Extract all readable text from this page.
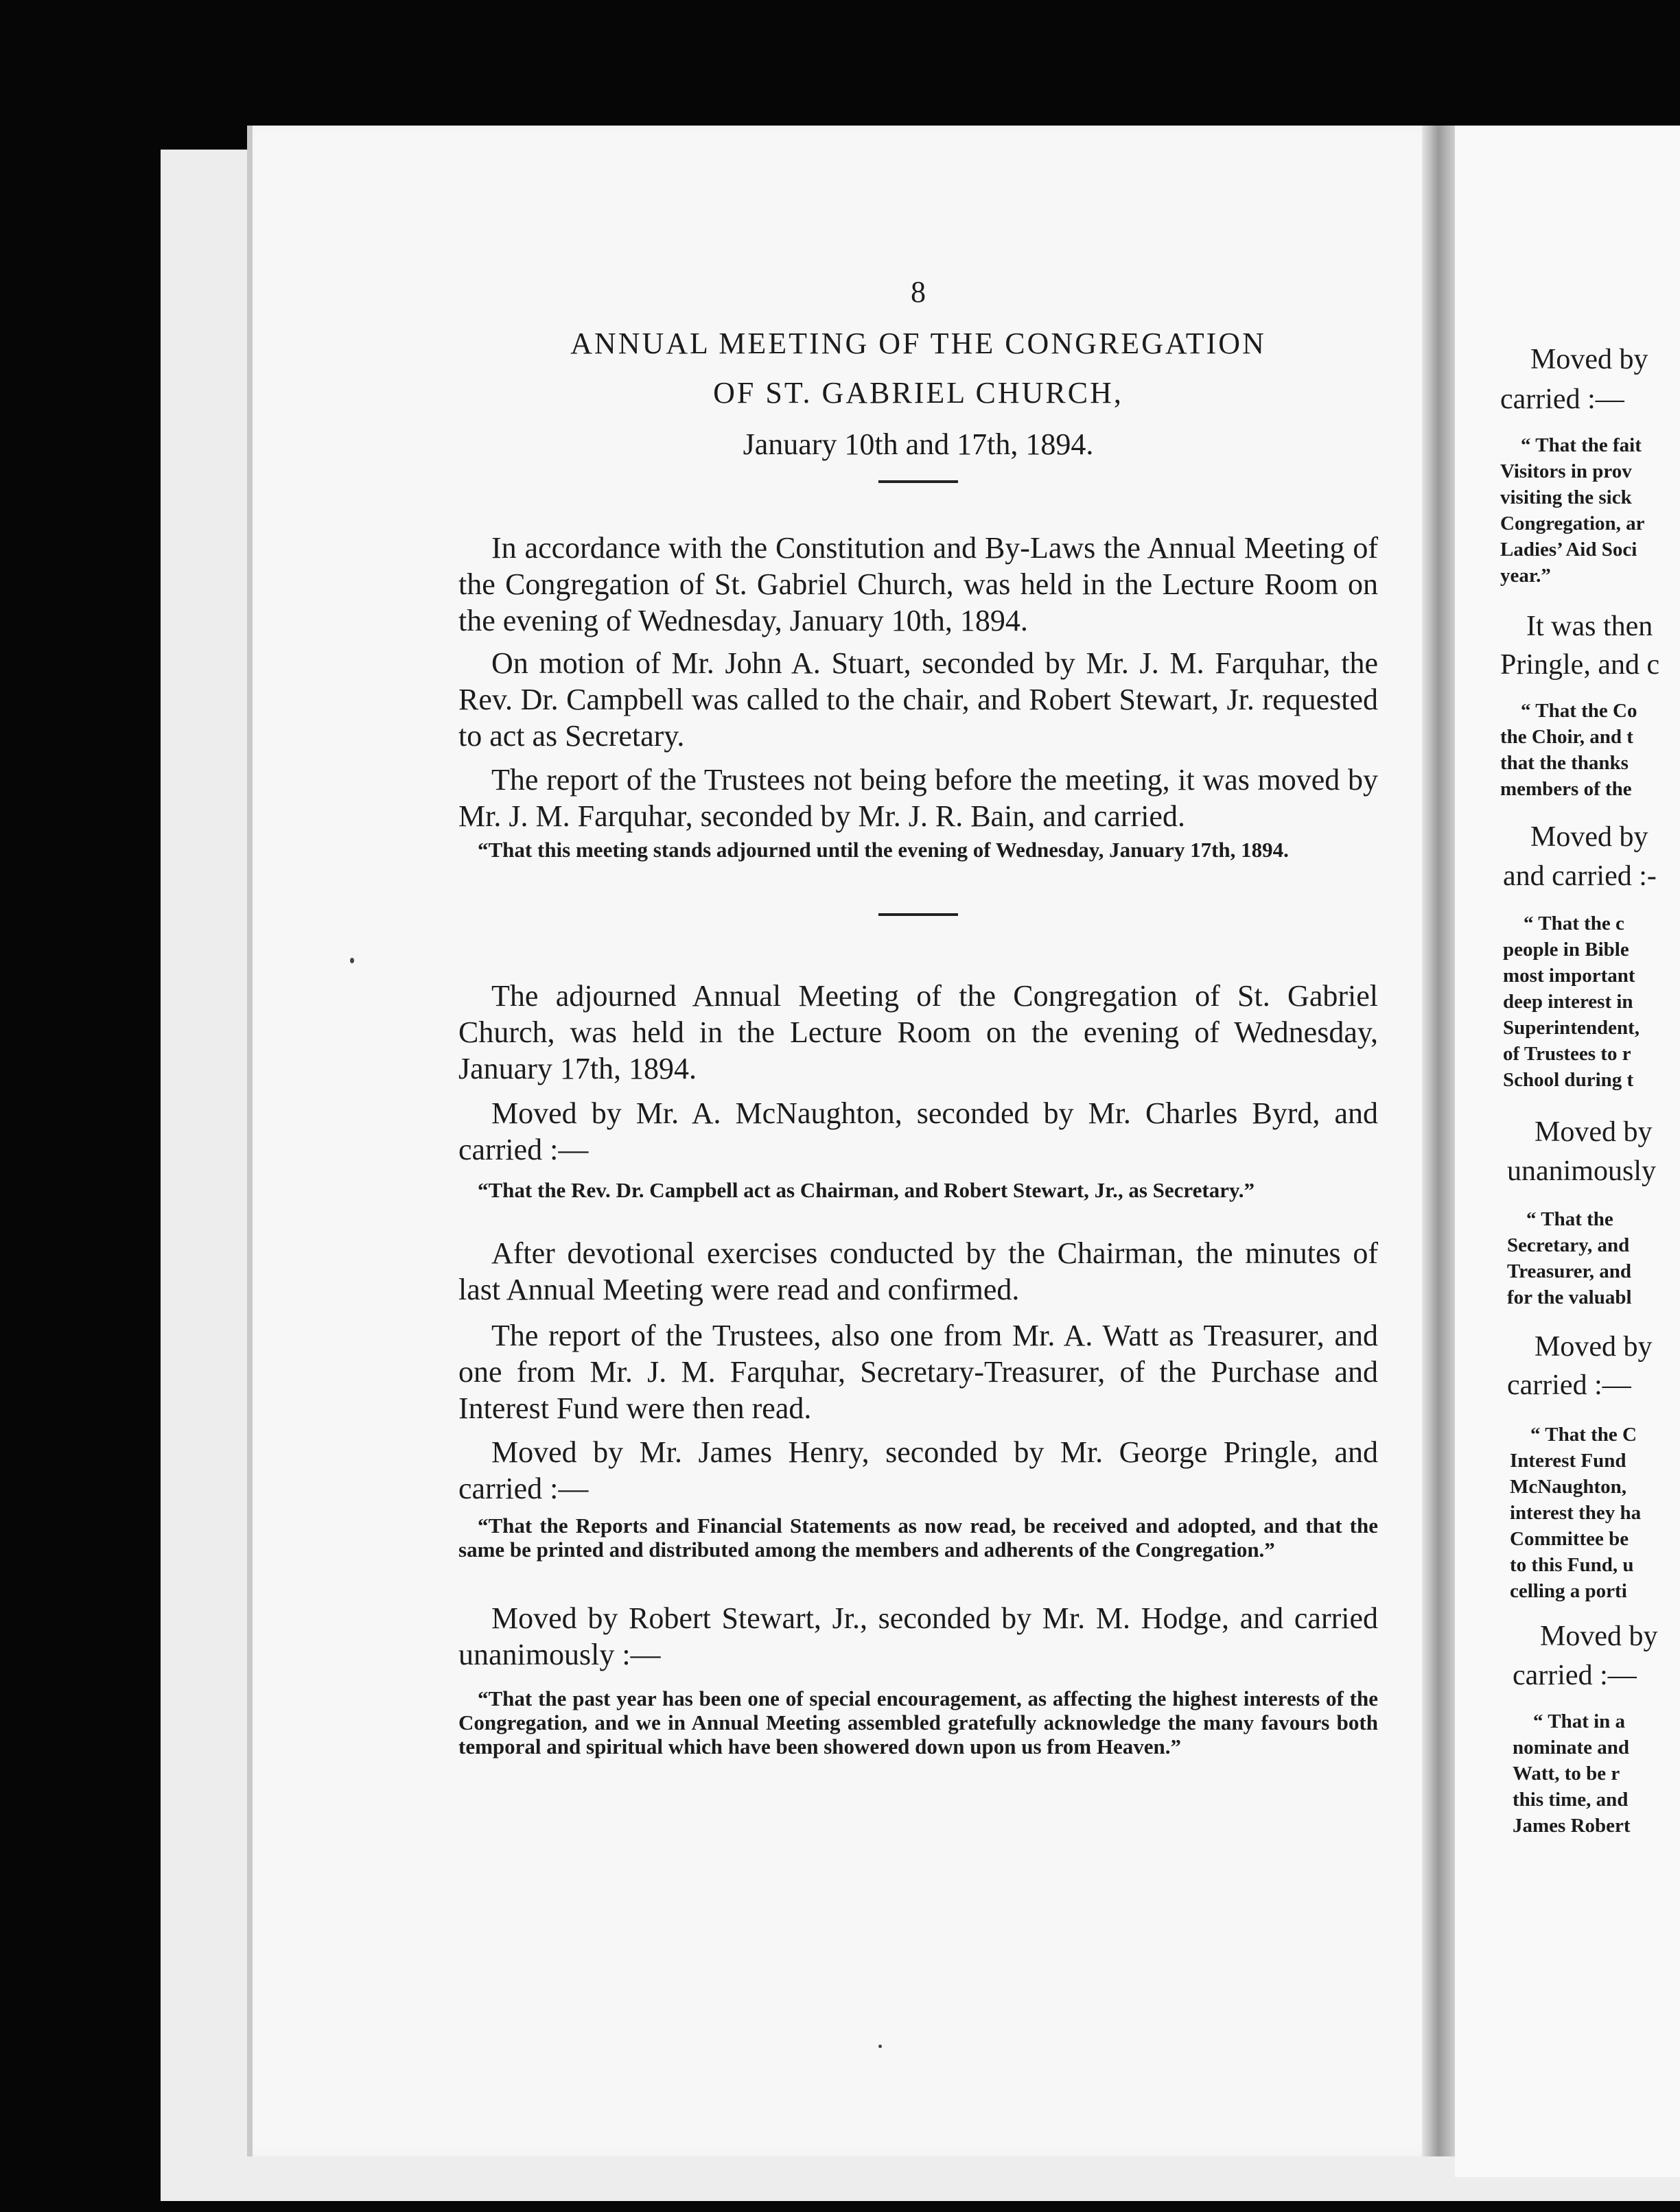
8
ANNUAL MEETING OF THE CONGREGATION
OF ST. GABRIEL CHURCH,
January 10th and 17th, 1894.
In accordance with the Constitution and By-Laws the Annual Meeting of the Congregation of St. Gabriel Church, was held in the Lecture Room on the evening of Wednesday, January 10th, 1894.
On motion of Mr. John A. Stuart, seconded by Mr. J. M. Farquhar, the Rev. Dr. Campbell was called to the chair, and Robert Stewart, Jr. requested to act as Secretary.
The report of the Trustees not being before the meeting, it was moved by Mr. J. M. Farquhar, seconded by Mr. J. R. Bain, and carried.
“That this meeting stands adjourned until the evening of Wednesday, January 17th, 1894.
The adjourned Annual Meeting of the Congregation of St. Gabriel Church, was held in the Lecture Room on the evening of Wednesday, January 17th, 1894.
Moved by Mr. A. McNaughton, seconded by Mr. Charles Byrd, and carried :—
“That the Rev. Dr. Campbell act as Chairman, and Robert Stewart, Jr., as Secretary.”
After devotional exercises conducted by the Chairman, the minutes of last Annual Meeting were read and confirmed.
The report of the Trustees, also one from Mr. A. Watt as Treasurer, and one from Mr. J. M. Farquhar, Secretary-Treasurer, of the Purchase and Interest Fund were then read.
Moved by Mr. James Henry, seconded by Mr. George Pringle, and carried :—
“That the Reports and Financial Statements as now read, be received and adopted, and that the same be printed and distributed among the members and adherents of the Congregation.”
Moved by Robert Stewart, Jr., seconded by Mr. M. Hodge, and carried unanimously :—
“That the past year has been one of special encouragement, as affecting the highest interests of the Congregation, and we in Annual Meeting assembled gratefully acknowledge the many favours both temporal and spiritual which have been showered down upon us from Heaven.”
Moved by
carried :—
“ That the fait
Visitors in prov
visiting the sick
Congregation, ar
Ladies’ Aid Soci
year.”
It was then
Pringle, and c
“ That the Co
the Choir, and t
that the thanks
members of the
Moved by
and carried :-
“ That the c
people in Bible
most important
deep interest in
Superintendent,
of Trustees to r
School during t
Moved by
unanimously
“ That the
Secretary, and
Treasurer, and
for the valuabl
Moved by
carried :—
“ That the C
Interest Fund
McNaughton,
interest they ha
Committee be
to this Fund, u
celling a porti
Moved by
carried :—
“ That in a
nominate and
Watt, to be r
this time, and
James Robert
